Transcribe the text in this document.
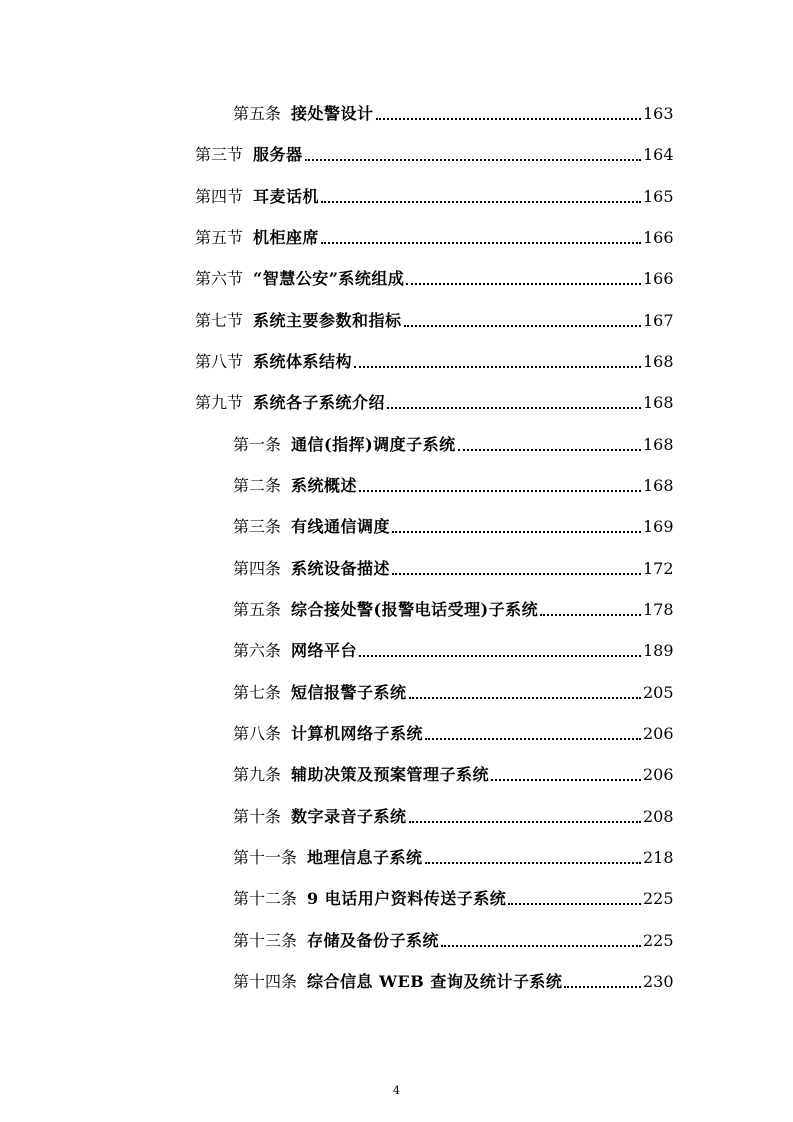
第五条 接处警设计	163
第三节 服务器	164
第四节 耳麦话机	165
第五节 机柜座席	166
第六节 “智慧公安”系统组成	166
第七节 系统主要参数和指标	167
第八节 系统体系结构	168
第九节 系统各子系统介绍	168
第一条 通信(指挥)调度子系统	168
第二条 系统概述	168
第三条 有线通信调度	169
第四条 系统设备描述	172
第五条 综合接处警(报警电话受理)子系统	178
第六条 网络平台	189
第七条 短信报警子系统	205
第八条 计算机网络子系统	206
第九条 辅助决策及预案管理子系统	206
第十条 数字录音子系统	208
第十一条 地理信息子系统	218
第十二条 9 电话用户资料传送子系统	225
第十三条 存储及备份子系统	225
第十四条 综合信息 WEB 查询及统计子系统	230
4
